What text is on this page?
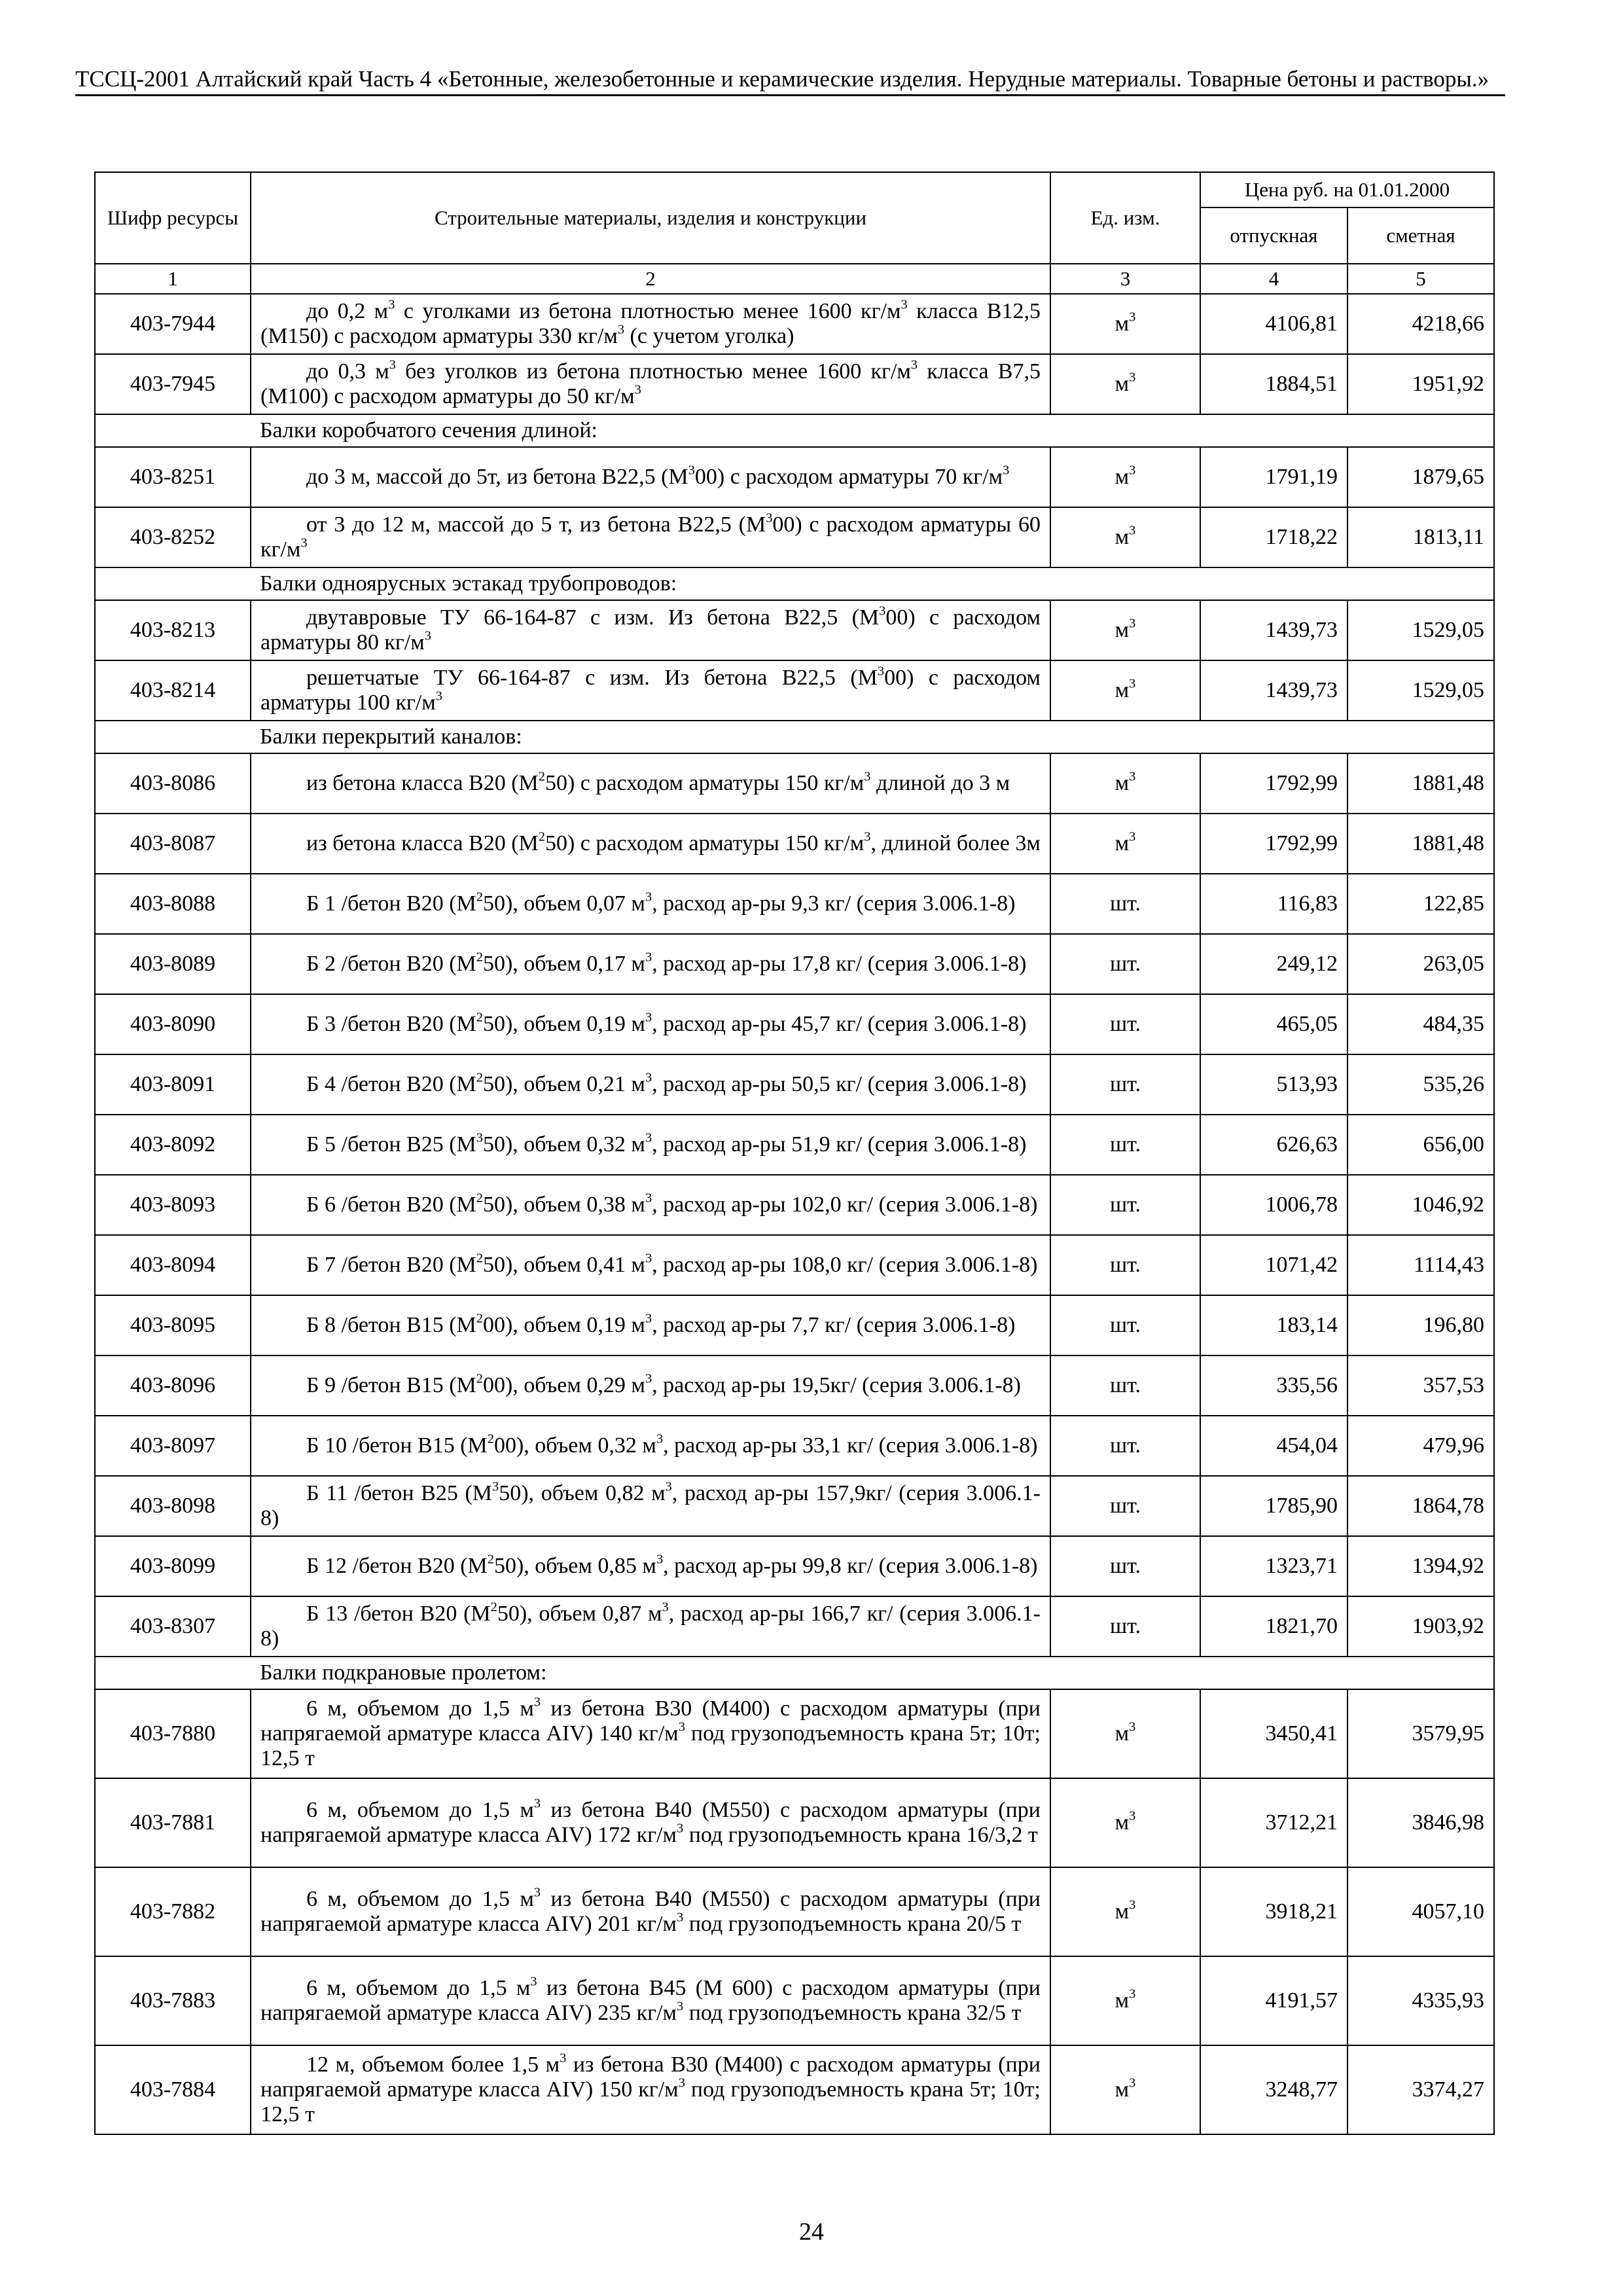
ТССЦ-2001 Алтайский край Часть 4 «Бетонные, железобетонные и керамические изделия. Нерудные материалы. Товарные бетоны и растворы.»
Шифр ресурсы	Строительные материалы, изделия и конструкции	Ед. изм.	Цена руб. на 01.01.2000	
			отпускная	сметная
1	2	3	4	5
403-7944	до 0,2 $м^3$ с уголками из бетона плотностью менее 1600 $кг/м^3$ класса B12,5 (M150) с расходом арматуры 330 $кг/м^3$ (с учетом уголка)	$м^3$	4106,81	4218,66
403-7945	до 0,3 $м^3$ без уголков из бетона плотностью менее 1600 $кг/м^3$ класса B7,5 (M100) с расходом арматуры до 50 $кг/м^3$	$м^3$	1884,51	1951,92
	Балки коробчатого сечения длиной:			
403-8251	до 3 м, массой до 5т, из бетона B22,5 $(M^300)$ с расходом арматуры 70 $кг/м^3$	$м^3$	1791,19	1879,65
403-8252	от 3 до 12 м, массой до 5 т, из бетона B22,5 $(M^300)$ с расходом арматуры 60 $кг/м^3$	$м^3$	1718,22	1813,11
	Балки одноярусных эстакад трубопроводов:			
403-8213	двутавровые ТУ 66-164-87 с изм. Из бетона B22,5 $(M^300)$ с расходом арматуры 80 $кг/м^3$	$м^3$	1439,73	1529,05
403-8214	решетчатые ТУ 66-164-87 с изм. Из бетона B22,5 $(M^300)$ с расходом арматуры 100 $кг/м^3$	$м^3$	1439,73	1529,05
	Балки перекрытий каналов:			
403-8086	из бетона класса B20 $(M^250)$ с расходом арматуры 150 $кг/м^3$ длиной до 3 м	$м^3$	1792,99	1881,48
403-8087	из бетона класса B20 $(M^250)$ с расходом арматуры 150 $кг/м^3$, длиной более 3м	$м^3$	1792,99	1881,48
403-8088	Б 1 /бетон B20 $(M^250)$, объем 0,07 $м^3$, расход ар-ры 9,3 кг/ (серия 3.006.1-8)	шт.	116,83	122,85
403-8089	Б 2 /бетон B20 $(M^250)$, объем 0,17 $м^3$, расход ар-ры 17,8 кг/ (серия 3.006.1-8)	шт.	249,12	263,05
403-8090	Б 3 /бетон B20 $(M^250)$, объем 0,19 $м^3$, расход ар-ры 45,7 кг/ (серия 3.006.1-8)	шт.	465,05	484,35
403-8091	Б 4 /бетон B20 $(M^250)$, объем 0,21 $м^3$, расход ар-ры 50,5 кг/ (серия 3.006.1-8)	шт.	513,93	535,26
403-8092	Б 5 /бетон B25 $(M^350)$, объем 0,32 $м^3$, расход ар-ры 51,9 кг/ (серия 3.006.1-8)	шт.	626,63	656,00
403-8093	Б 6 /бетон B20 $(M^250)$, объем 0,38 $м^3$, расход ар-ры 102,0 кг/ (серия 3.006.1-8)	шт.	1006,78	1046,92
403-8094	Б 7 /бетон B20 $(M^250)$, объем 0,41 $м^3$, расход ар-ры 108,0 кг/ (серия 3.006.1-8)	шт.	1071,42	1114,43
403-8095	Б 8 /бетон B15 $(M^200)$, объем 0,19 $м^3$, расход ар-ры 7,7 кг/ (серия 3.006.1-8)	шт.	183,14	196,80
403-8096	Б 9 /бетон B15 $(M^200)$, объем 0,29 $м^3$, расход ар-ры 19,5кг/ (серия 3.006.1-8)	шт.	335,56	357,53
403-8097	Б 10 /бетон B15 $(M^200)$, объем 0,32 $м^3$, расход ар-ры 33,1 кг/ (серия 3.006.1-8)	шт.	454,04	479,96
403-8098	Б 11 /бетон B25 $(M^350)$, объем 0,82 $м^3$, расход ар-ры 157,9кг/ (серия 3.006.1-8)	шт.	1785,90	1864,78
403-8099	Б 12 /бетон B20 $(M^250)$, объем 0,85 $м^3$, расход ар-ры 99,8 кг/ (серия 3.006.1-8)	шт.	1323,71	1394,92
403-8307	Б 13 /бетон B20 $(M^250)$, объем 0,87 $м^3$, расход ар-ры 166,7 кг/ (серия 3.006.1-8)	шт.	1821,70	1903,92
	Балки подкрановые пролетом:			
403-7880	6 м, объемом до 1,5 $м^3$ из бетона B30 (M400) с расходом арматуры (при напрягаемой арматуре класса AIV) 140 $кг/м^3$ под грузоподъемность крана 5т; 10т; 12,5 т	$м^3$	3450,41	3579,95
403-7881	6 м, объемом до 1,5 $м^3$ из бетона B40 (M550) с расходом арматуры (при напрягаемой арматуре класса AIV) 172 $кг/м^3$ под грузоподъемность крана 16/3,2 т	$м^3$	3712,21	3846,98
403-7882	6 м, объемом до 1,5 $м^3$ из бетона B40 (M550) с расходом арматуры (при напрягаемой арматуре класса AIV) 201 $кг/м^3$ под грузоподъемность крана 20/5 т	$м^3$	3918,21	4057,10
403-7883	6 м, объемом до 1,5 $м^3$ из бетона B45 (M 600) с расходом арматуры (при напрягаемой арматуре класса AIV) 235 $кг/м^3$ под грузоподъемность крана 32/5 т	$м^3$	4191,57	4335,93
403-7884	12 м, объемом более 1,5 $м^3$ из бетона B30 (M400) с расходом арматуры (при напрягаемой арматуре класса AIV) 150 $кг/м^3$ под грузоподъемность крана 5т; 10т; 12,5 т	$м^3$	3248,77	3374,27
24
